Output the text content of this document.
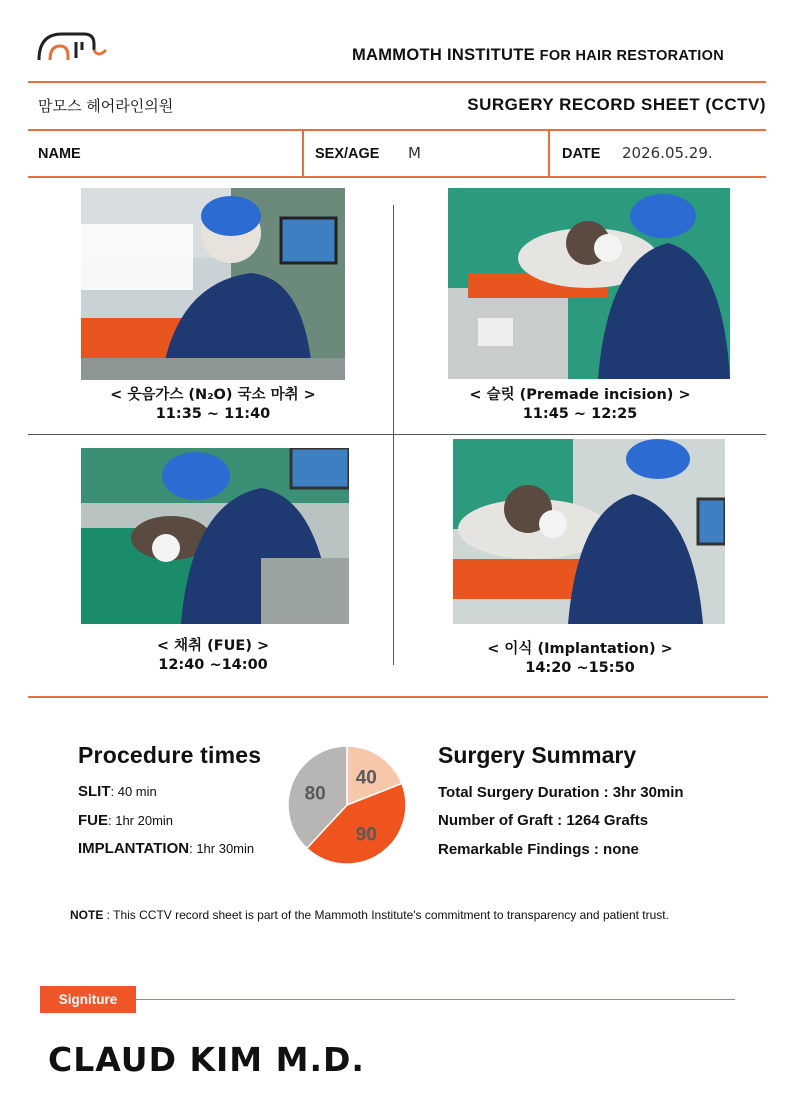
MAMMOTH INSTITUTE FOR HAIR RESTORATION
맘모스 헤어라인의원	SURGERY RECORD SHEET (CCTV)
NAME	SEX/AGE M	DATE 2026.05.29.
< 웃음가스 (N₂O) 국소 마취 >
11:35 ~ 11:40
< 슬릿 (Premade incision) >
11:45 ~ 12:25
< 채취 (FUE) >
12:40 ~14:00
< 이식 (Implantation) >
14:20 ~15:50
Procedure times
SLIT: 40 min
FUE: 1hr 20min
IMPLANTATION: 1hr 30min
40
90
80
Surgery Summary
Total Surgery Duration : 3hr 30min
Number of Graft : 1264 Grafts
Remarkable Findings : none
NOTE : This CCTV record sheet is part of the Mammoth Institute's commitment to transparency and patient trust.
Signiture
CLAUD KIM M.D.
